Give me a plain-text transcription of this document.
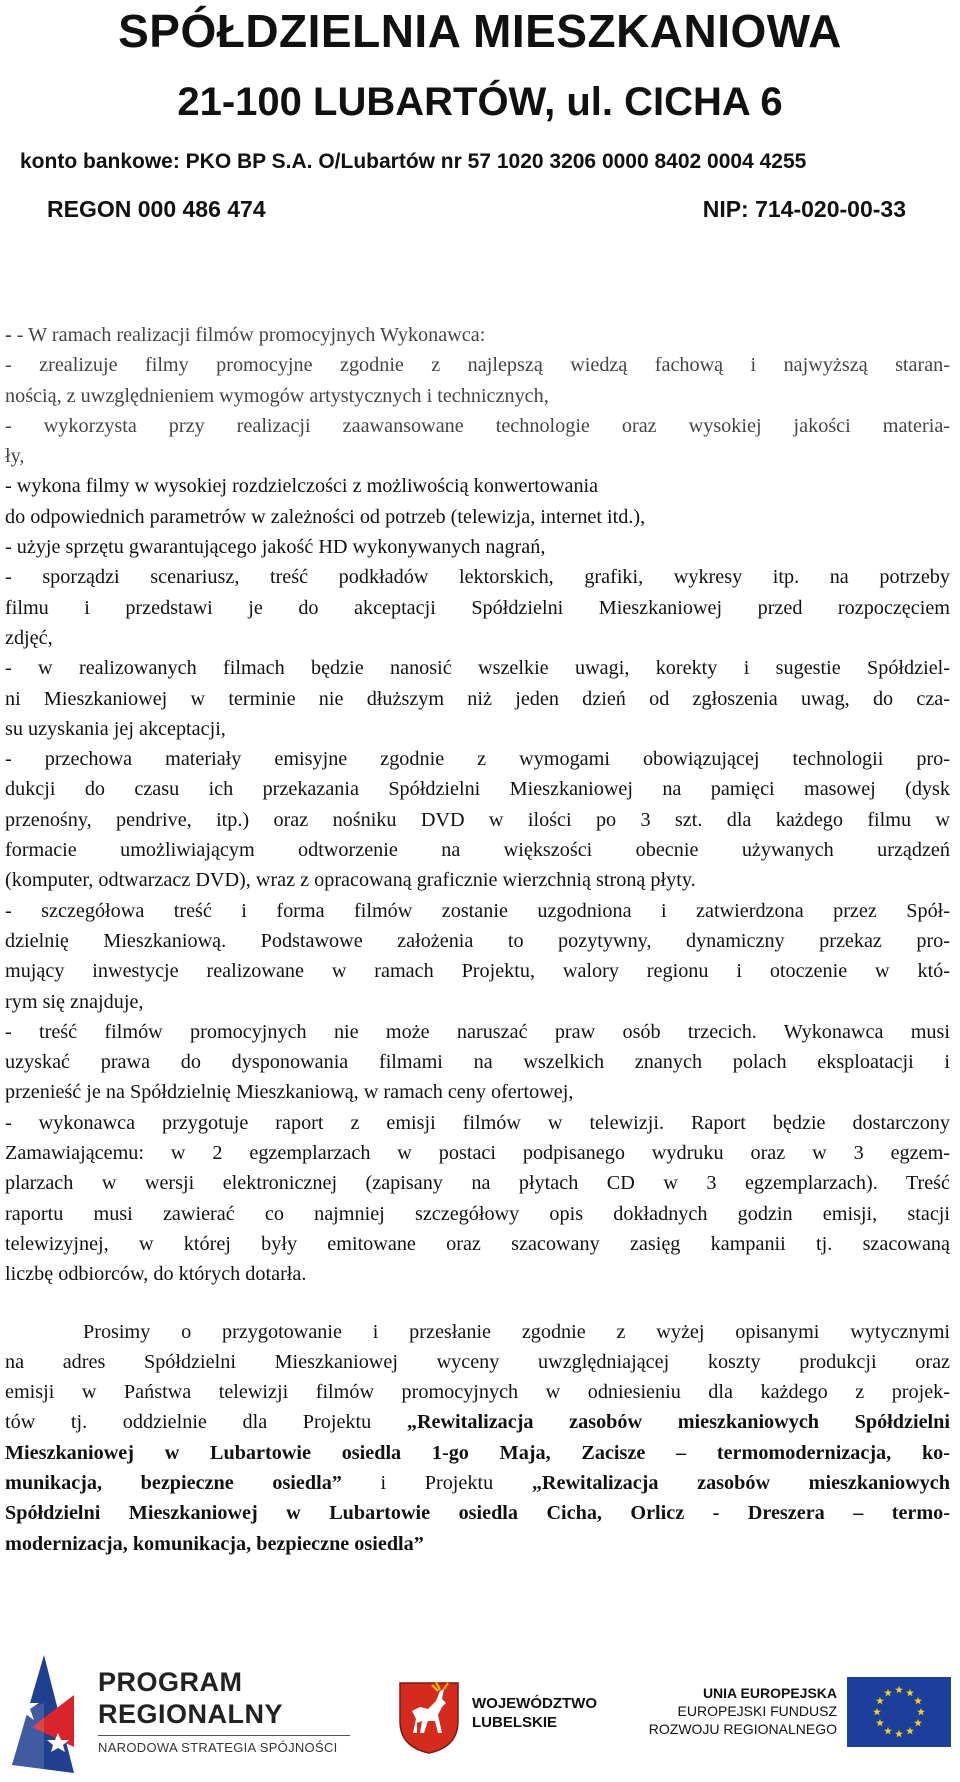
SPÓŁDZIELNIA MIESZKANIOWA
21-100 LUBARTÓW, ul. CICHA 6
konto bankowe: PKO BP S.A. O/Lubartów nr 57 1020 3206 0000 8402 0004 4255
REGON 000 486 474	NIP: 714-020-00-33
- - W ramach realizacji filmów promocyjnych Wykonawca:
- zrealizuje filmy promocyjne zgodnie z najlepszą wiedzą fachową i najwyższą staran-
nością, z uwzględnieniem wymogów artystycznych i technicznych,
- wykorzysta przy realizacji zaawansowane technologie oraz wysokiej jakości materia-
ły,
- wykona filmy w wysokiej rozdzielczości z możliwością konwertowania
do odpowiednich parametrów w zależności od potrzeb (telewizja, internet itd.),
- użyje sprzętu gwarantującego jakość HD wykonywanych nagrań,
- sporządzi scenariusz, treść podkładów lektorskich, grafiki, wykresy itp. na potrzeby
filmu i przedstawi je do akceptacji Spółdzielni Mieszkaniowej przed rozpoczęciem
zdjęć,
- w realizowanych filmach będzie nanosić wszelkie uwagi, korekty i sugestie Spółdziel-
ni Mieszkaniowej w terminie nie dłuższym niż jeden dzień od zgłoszenia uwag, do cza-
su uzyskania jej akceptacji,
- przechowa materiały emisyjne zgodnie z wymogami obowiązującej technologii pro-
dukcji do czasu ich przekazania Spółdzielni Mieszkaniowej na pamięci masowej (dysk
przenośny, pendrive, itp.) oraz nośniku DVD w ilości po 3 szt. dla każdego filmu w
formacie umożliwiającym odtworzenie na większości obecnie używanych urządzeń
(komputer, odtwarzacz DVD), wraz z opracowaną graficznie wierzchnią stroną płyty.
- szczegółowa treść i forma filmów zostanie uzgodniona i zatwierdzona przez Spół-
dzielnię Mieszkaniową. Podstawowe założenia to pozytywny, dynamiczny przekaz pro-
mujący inwestycje realizowane w ramach Projektu, walory regionu i otoczenie w któ-
rym się znajduje,
- treść filmów promocyjnych nie może naruszać praw osób trzecich. Wykonawca musi
uzyskać prawa do dysponowania filmami na wszelkich znanych polach eksploatacji i
przenieść je na Spółdzielnię Mieszkaniową, w ramach ceny ofertowej,
- wykonawca przygotuje raport z emisji filmów w telewizji. Raport będzie dostarczony
Zamawiającemu: w 2 egzemplarzach w postaci podpisanego wydruku oraz w 3 egzem-
plarzach w wersji elektronicznej (zapisany na płytach CD w 3 egzemplarzach). Treść
raportu musi zawierać co najmniej szczegółowy opis dokładnych godzin emisji, stacji
telewizyjnej, w której były emitowane oraz szacowany zasięg kampanii tj. szacowaną
liczbę odbiorców, do których dotarła.
Prosimy o przygotowanie i przesłanie zgodnie z wyżej opisanymi wytycznymi
na adres Spółdzielni Mieszkaniowej wyceny uwzględniającej koszty produkcji oraz
emisji w Państwa telewizji filmów promocyjnych w odniesieniu dla każdego z projek-
tów tj. oddzielnie dla Projektu „Rewitalizacja zasobów mieszkaniowych Spółdzielni
Mieszkaniowej w Lubartowie osiedla 1-go Maja, Zacisze – termomodernizacja, ko-
munikacja, bezpieczne osiedla” i Projektu „Rewitalizacja zasobów mieszkaniowych
Spółdzielni Mieszkaniowej w Lubartowie osiedla Cicha, Orlicz - Dreszera – termo-
modernizacja, komunikacja, bezpieczne osiedla”
PROGRAM
REGIONALNY
NARODOWA STRATEGIA SPÓJNOŚCI
WOJEWÓDZTWO
LUBELSKIE
UNIA EUROPEJSKA
EUROPEJSKI FUNDUSZ
ROZWOJU REGIONALNEGO
